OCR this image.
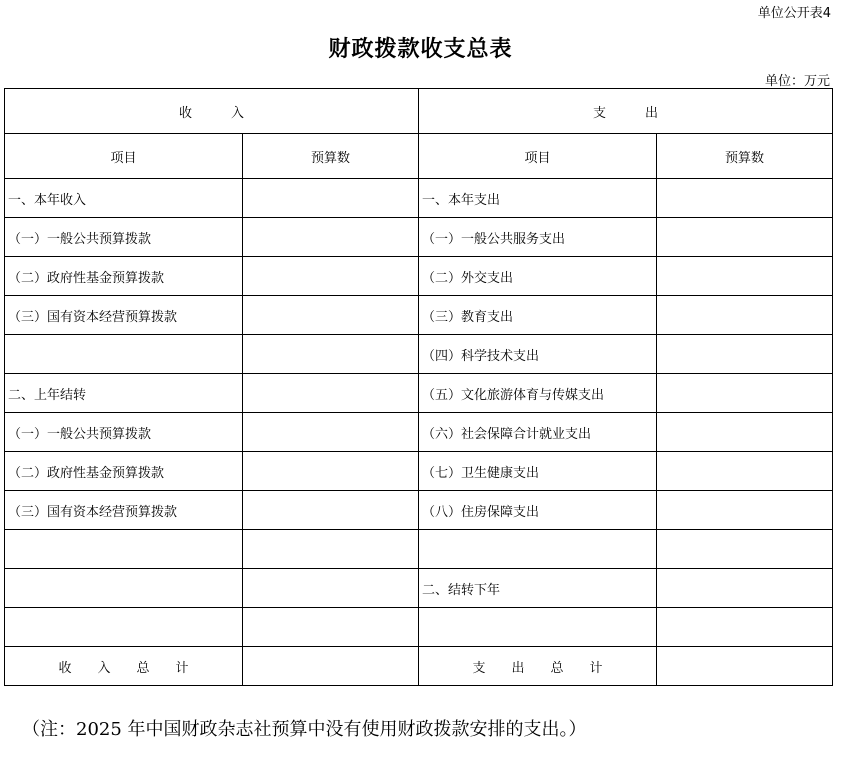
单位公开表4
财政拨款收支总表
单位：万元
收　　　入		支　　　出	
项目	预算数	项目	预算数
一、本年收入		一、本年支出	
（一）一般公共预算拨款		（一）一般公共服务支出	
（二）政府性基金预算拨款		（二）外交支出	
（三）国有资本经营预算拨款		（三）教育支出	
		（四）科学技术支出	
二、上年结转		（五）文化旅游体育与传媒支出	
（一）一般公共预算拨款		（六）社会保障合计就业支出	
（二）政府性基金预算拨款		（七）卫生健康支出	
（三）国有资本经营预算拨款		（八）住房保障支出	

		二、结转下年	

收　　入　　总　　计		支　　出　　总　　计	
（注：2025 年中国财政杂志社预算中没有使用财政拨款安排的支出。）
